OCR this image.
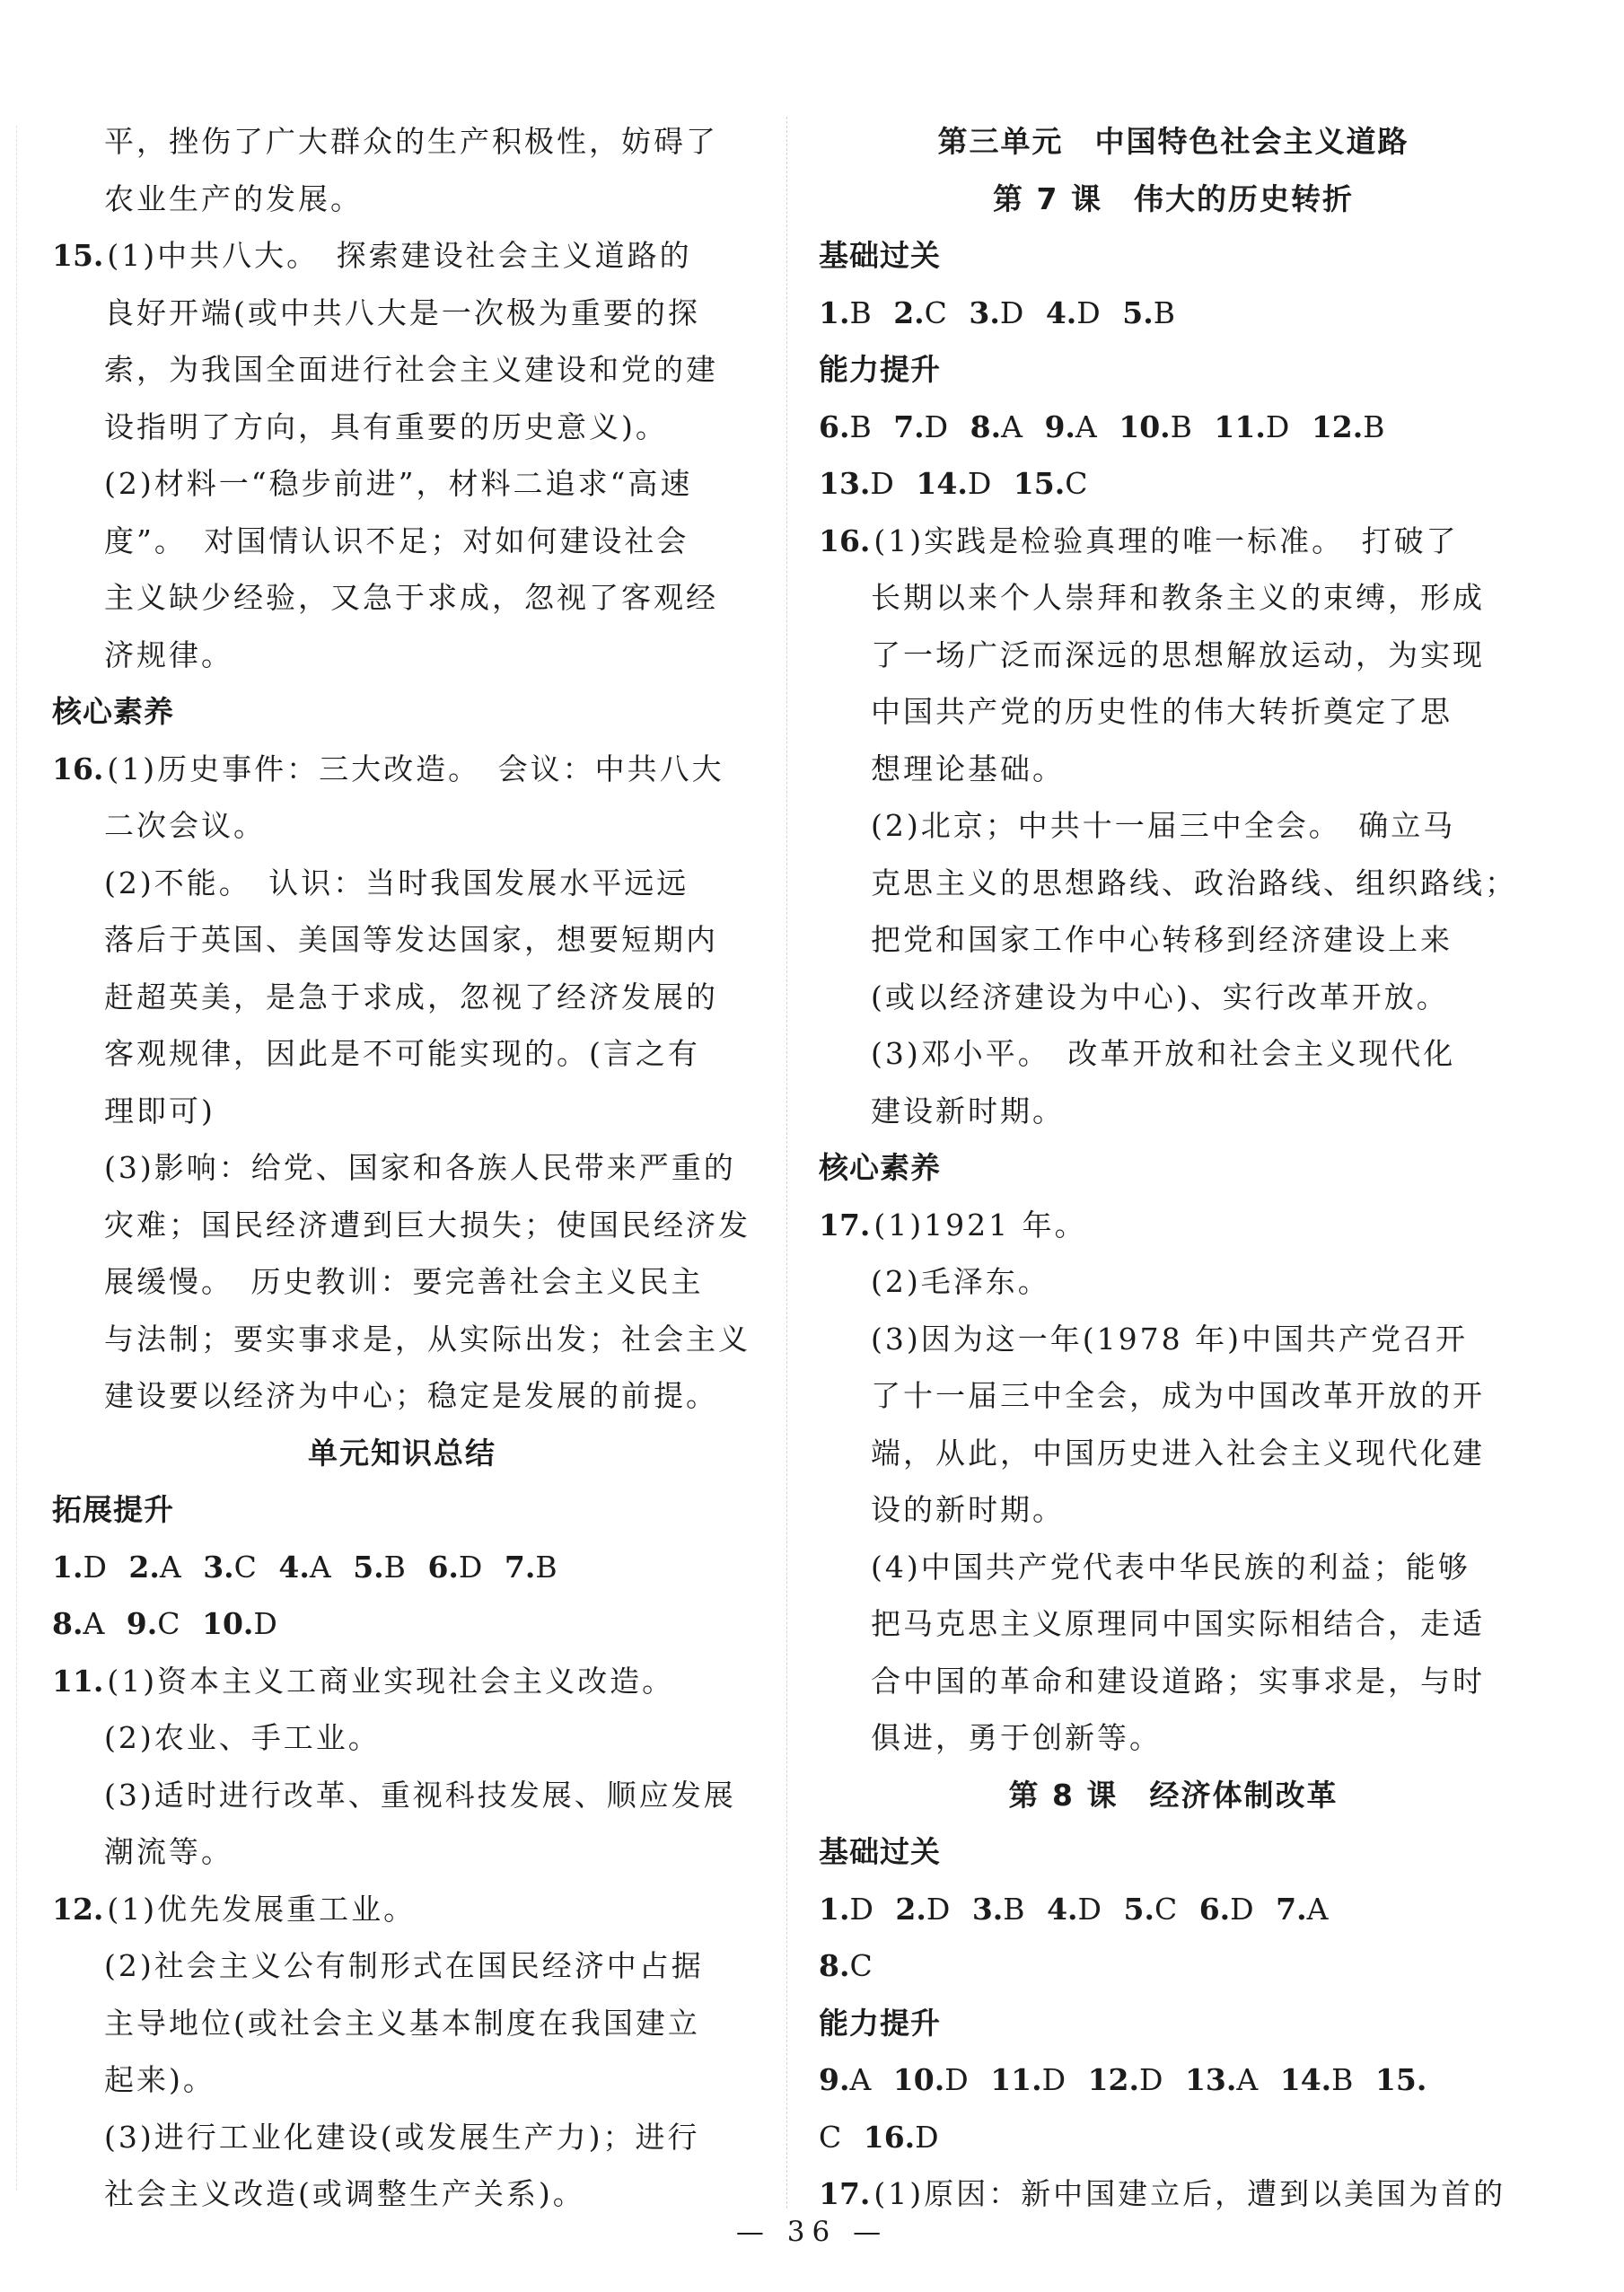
平，挫伤了广大群众的生产积极性，妨碍了
农业生产的发展。
15. (1)中共八大。　探索建设社会主义道路的
良好开端(或中共八大是一次极为重要的探
索，为我国全面进行社会主义建设和党的建
设指明了方向，具有重要的历史意义)。
(2)材料一“稳步前进”，材料二追求“高速
度”。　对国情认识不足；对如何建设社会
主义缺少经验，又急于求成，忽视了客观经
济规律。
核心素养
16. (1)历史事件：三大改造。　会议：中共八大
二次会议。
(2)不能。　认识：当时我国发展水平远远
落后于英国、美国等发达国家，想要短期内
赶超英美，是急于求成，忽视了经济发展的
客观规律，因此是不可能实现的。(言之有
理即可)
(3)影响：给党、国家和各族人民带来严重的
灾难；国民经济遭到巨大损失；使国民经济发
展缓慢。　历史教训：要完善社会主义民主
与法制；要实事求是，从实际出发；社会主义
建设要以经济为中心；稳定是发展的前提。
单元知识总结
拓展提升
1.D 2.A 3.C 4.A 5.B 6.D 7.B
8.A 9.C 10.D
11. (1)资本主义工商业实现社会主义改造。
(2)农业、手工业。
(3)适时进行改革、重视科技发展、顺应发展
潮流等。
12. (1)优先发展重工业。
(2)社会主义公有制形式在国民经济中占据
主导地位(或社会主义基本制度在我国建立
起来)。
(3)进行工业化建设(或发展生产力)；进行
社会主义改造(或调整生产关系)。
第三单元　中国特色社会主义道路
第 7 课　伟大的历史转折
基础过关
1.B 2.C 3.D 4.D 5.B
能力提升
6.B 7.D 8.A 9.A 10.B 11.D 12.B
13.D 14.D 15.C
16. (1)实践是检验真理的唯一标准。　打破了
长期以来个人崇拜和教条主义的束缚，形成
了一场广泛而深远的思想解放运动，为实现
中国共产党的历史性的伟大转折奠定了思
想理论基础。
(2)北京；中共十一届三中全会。　确立马
克思主义的思想路线、政治路线、组织路线；
把党和国家工作中心转移到经济建设上来
(或以经济建设为中心)、实行改革开放。
(3)邓小平。　改革开放和社会主义现代化
建设新时期。
核心素养
17. (1)1921 年。
(2)毛泽东。
(3)因为这一年(1978 年)中国共产党召开
了十一届三中全会，成为中国改革开放的开
端，从此，中国历史进入社会主义现代化建
设的新时期。
(4)中国共产党代表中华民族的利益；能够
把马克思主义原理同中国实际相结合，走适
合中国的革命和建设道路；实事求是，与时
俱进，勇于创新等。
第 8 课　经济体制改革
基础过关
1.D 2.D 3.B 4.D 5.C 6.D 7.A
8.C
能力提升
9.A 10.D 11.D 12.D 13.A 14.B 15.
C 16.D
17. (1)原因：新中国建立后，遭到以美国为首的
— 36 —
